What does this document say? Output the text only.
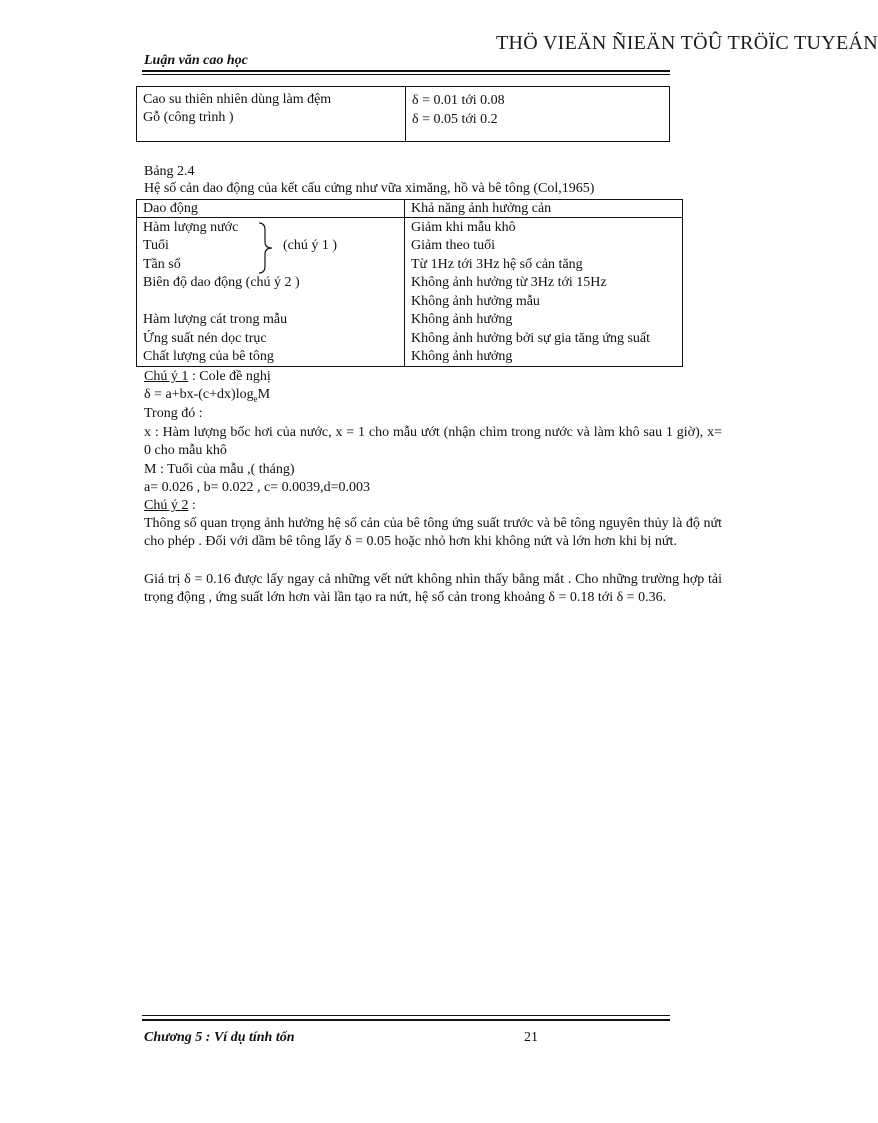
THÖ VIEÄN ÑIEÄN TÖÛ TRÖÏC TUYEÁN
Luận văn cao học
Cao su thiên nhiên dùng làm đệm
Gỗ (công trình )
δ = 0.01 tới 0.08
δ = 0.05 tới 0.2
Bảng 2.4
Hệ số cản dao động của kết cấu cứng như vữa ximăng, hồ và bê tông (Col,1965)
Dao động	Khả năng ảnh hưởng cản
Hàm lượng nước
Tuổi
Tần số
Biên độ dao động (chú ý 2 )
Hàm lượng cát trong mẫu
Ứng suất nén dọc trục
Chất lượng của bê tông
(chú ý 1 )
Giảm khi mẫu khô
Giảm theo tuổi
Từ 1Hz tới 3Hz hệ số cản tăng
Không ảnh hưởng từ 3Hz tới 15Hz
Không ảnh hưởng mẫu
Không ảnh hưởng
Không ảnh hưởng bởi sự gia tăng ứng suất
Không ảnh hưởng
Chú ý 1 : Cole đề nghị
$\delta = a+bx-(c+dx)\log_eM$
Trong đó :
x : Hàm lượng bốc hơi của nước, x = 1 cho mẫu ướt (nhận chìm trong nước và làm khô sau 1 giờ), x= 0 cho mẫu khô
M : Tuổi của mẫu ,( tháng)
a= 0.026 , b= 0.022 , c= 0.0039,d=0.003
Chú ý 2 :
Thông số quan trọng ảnh hưởng hệ số cản của bê tông ứng suất trước và bê tông nguyên thủy là độ nứt cho phép . Đối với dầm bê tông lấy δ = 0.05 hoặc nhỏ hơn khi không nứt và lớn hơn khi bị nứt.
Giá trị δ = 0.16 được lấy ngay cả những vết nứt không nhìn thấy bằng mắt . Cho những trường hợp tải trọng động , ứng suất lớn hơn vài lần tạo ra nứt, hệ số cản trong khoảng δ = 0.18 tới δ = 0.36.
Chương 5 : Ví dụ tính tốn	21
